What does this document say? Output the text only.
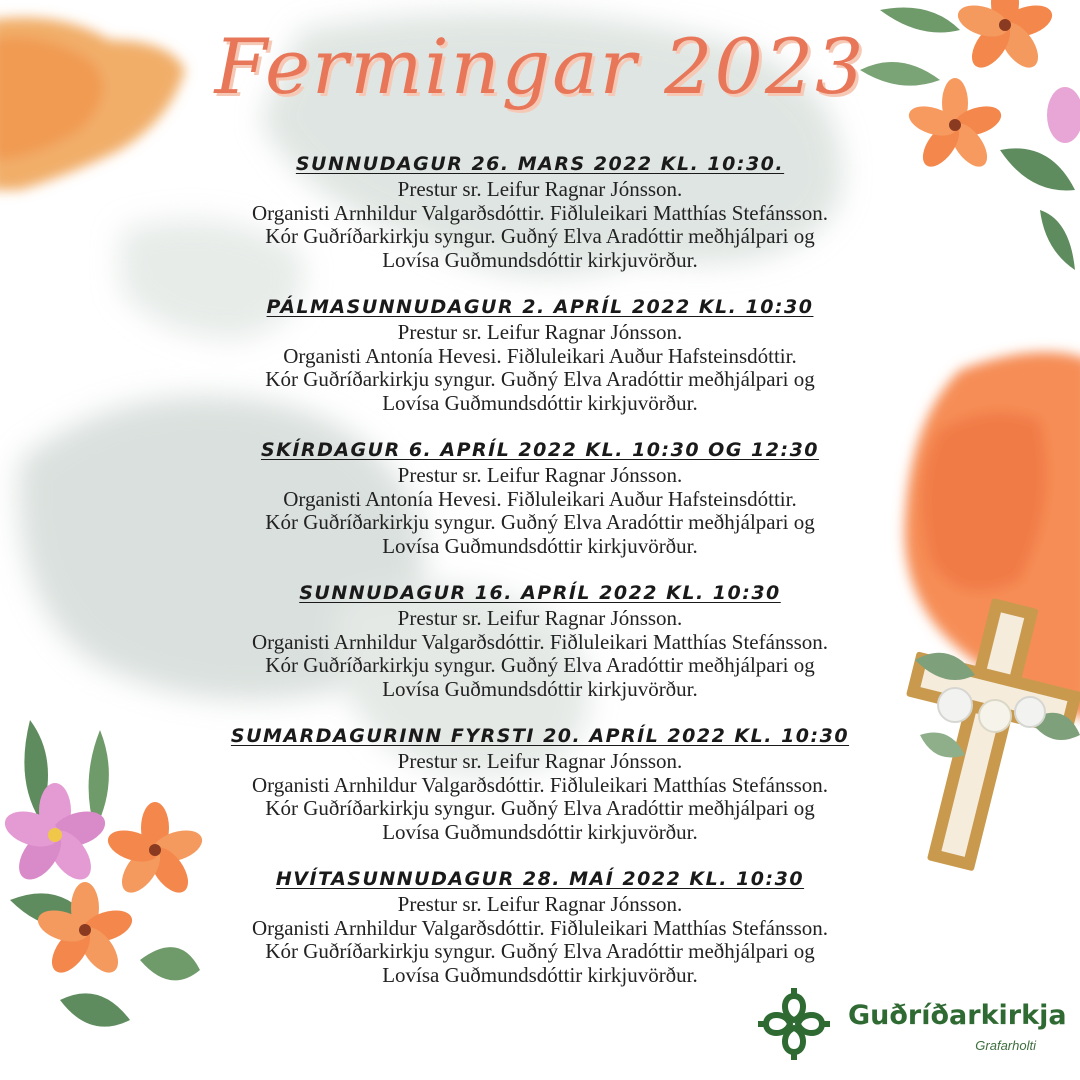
Fermingar 2023
SUNNUDAGUR 26. MARS 2022 KL. 10:30.
Prestur sr. Leifur Ragnar Jónsson.
Organisti Arnhildur Valgarðsdóttir. Fiðluleikari Matthías Stefánsson.
Kór Guðríðarkirkju syngur. Guðný Elva Aradóttir meðhjálpari og
Lovísa Guðmundsdóttir kirkjuvörður.
PÁLMASUNNUDAGUR 2. APRÍL 2022 KL. 10:30
Prestur sr. Leifur Ragnar Jónsson.
Organisti Antonía Hevesi. Fiðluleikari Auður Hafsteinsdóttir.
Kór Guðríðarkirkju syngur. Guðný Elva Aradóttir meðhjálpari og
Lovísa Guðmundsdóttir kirkjuvörður.
SKÍRDAGUR 6. APRÍL 2022 KL. 10:30 OG 12:30
Prestur sr. Leifur Ragnar Jónsson.
Organisti Antonía Hevesi. Fiðluleikari Auður Hafsteinsdóttir.
Kór Guðríðarkirkju syngur. Guðný Elva Aradóttir meðhjálpari og
Lovísa Guðmundsdóttir kirkjuvörður.
SUNNUDAGUR 16. APRÍL 2022 KL. 10:30
Prestur sr. Leifur Ragnar Jónsson.
Organisti Arnhildur Valgarðsdóttir. Fiðluleikari Matthías Stefánsson.
Kór Guðríðarkirkju syngur. Guðný Elva Aradóttir meðhjálpari og
Lovísa Guðmundsdóttir kirkjuvörður.
SUMARDAGURINN FYRSTI 20. APRÍL 2022 KL. 10:30
Prestur sr. Leifur Ragnar Jónsson.
Organisti Arnhildur Valgarðsdóttir. Fiðluleikari Matthías Stefánsson.
Kór Guðríðarkirkju syngur. Guðný Elva Aradóttir meðhjálpari og
Lovísa Guðmundsdóttir kirkjuvörður.
HVÍTASUNNUDAGUR 28. MAÍ 2022 KL. 10:30
Prestur sr. Leifur Ragnar Jónsson.
Organisti Arnhildur Valgarðsdóttir. Fiðluleikari Matthías Stefánsson.
Kór Guðríðarkirkju syngur. Guðný Elva Aradóttir meðhjálpari og
Lovísa Guðmundsdóttir kirkjuvörður.
Guðríðarkirkja
Grafarholti
